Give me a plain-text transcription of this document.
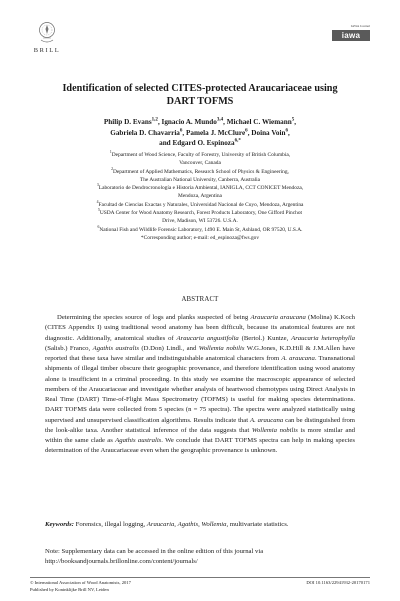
BRILL
IAWA Journal
iawa
Identification of selected CITES-protected Araucariaceae using
DART TOFMS
Philip D. Evans$^{1,2}$, Ignacio A. Mundo$^{3,4}$, Michael C. Wiemann$^5$,
Gabriela D. Chavarria$^6$, Pamela J. McClure$^6$, Doina Voin$^6$,
and Edgard O. Espinoza$^{6,*}$
$^1$Department of Wood Science, Faculty of Forestry, University of British Columbia,
Vancouver, Canada
$^2$Department of Applied Mathematics, Research School of Physics & Engineering,
The Australian National University, Canberra, Australia
$^3$Laboratorio de Dendrocronología e Historia Ambiental, IANIGLA, CCT CONICET Mendoza,
Mendoza, Argentina
$^4$Facultad de Ciencias Exactas y Naturales, Universidad Nacional de Cuyo, Mendoza, Argentina
$^5$USDA Center for Wood Anatomy Research, Forest Products Laboratory, One Gifford Pinchot
Drive, Madison, WI 53726. U.S.A.
$^6$National Fish and Wildlife Forensic Laboratory, 1490 E. Main St, Ashland, OR 97520, U.S.A.
*Corresponding author; e-mail: ed_espinoza@fws.gov
ABSTRACT
Determining the species source of logs and planks suspected of being Araucaria araucana (Molina) K.Koch (CITES Appendix I) using traditional wood anatomy has been difficult, because its anatomical features are not diagnostic. Additionally, anatomical studies of Araucaria angustifolia (Bertol.) Kuntze, Araucaria heterophylla (Salisb.) Franco, Agathis australis (D.Don) Lindl., and Wollemia nobilis W.G.Jones, K.D.Hill & J.M.Allen have reported that these taxa have similar and indistinguishable anatomical characters from A. araucana. Transnational shipments of illegal timber obscure their geographic provenance, and therefore identification using wood anatomy alone is insufficient in a criminal proceeding. In this study we examine the macroscopic appearance of selected members of the Araucariaceae and investigate whether analysis of heartwood chemotypes using Direct Analysis in Real Time (DART) Time-of-Flight Mass Spectrometry (TOFMS) is useful for making species determinations. DART TOFMS data were collected from 5 species (n = 75 spectra). The spectra were analyzed statistically using supervised and unsupervised classification algorithms. Results indicate that A. araucana can be distinguished from the look-alike taxa. Another statistical inference of the data suggests that Wollemia nobilis is more similar and within the same clade as Agathis australis. We conclude that DART TOFMS spectra can help in making species determination of the Araucariaceae even when the geographic provenance is unknown.
Keywords: Forensics, illegal logging, Araucaria, Agathis, Wollemia, multivariate statistics.
Note: Supplementary data can be accessed in the online edition of this journal via
http://booksandjournals.brillonline.com/content/journals/
© International Association of Wood Anatomists, 2017
Published by Koninklijke Brill NV, Leiden
DOI 10.1163/22941932-20170171
